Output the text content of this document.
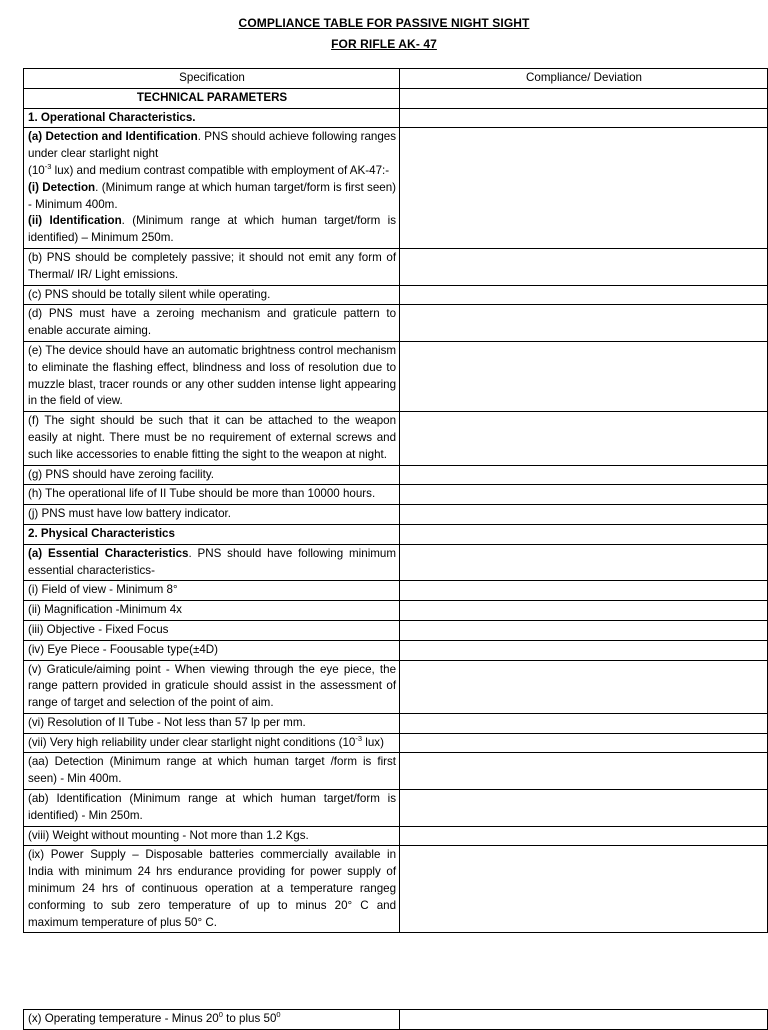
COMPLIANCE TABLE FOR PASSIVE NIGHT SIGHT
FOR RIFLE AK- 47
Specification	Compliance/ Deviation
TECHNICAL PARAMETERS	
1. Operational Characteristics.	
(a) Detection and Identification. PNS should achieve following ranges under clear starlight night
($10^{-3}$ lux) and medium contrast compatible with employment of AK-47:-
(i) Detection. (Minimum range at which human target/form is first seen) - Minimum 400m.
(ii) Identification. (Minimum range at which human target/form is identified) – Minimum 250m.	
(b) PNS should be completely passive; it should not emit any form of Thermal/ IR/ Light emissions.	
(c) PNS should be totally silent while operating.	
(d) PNS must have a zeroing mechanism and graticule pattern to enable accurate aiming.	
(e) The device should have an automatic brightness control mechanism to eliminate the flashing effect, blindness and loss of resolution due to muzzle blast, tracer rounds or any other sudden intense light appearing in the field of view.	
(f) The sight should be such that it can be attached to the weapon easily at night. There must be no requirement of external screws and such like accessories to enable fitting the sight to the weapon at night.	
(g) PNS should have zeroing facility.	
(h) The operational life of II Tube should be more than 10000 hours.	
(j) PNS must have low battery indicator.	
2. Physical Characteristics	
(a) Essential Characteristics. PNS should have following minimum essential characteristics-	
(i) Field of view - Minimum 8°	
(ii) Magnification -Minimum 4x	
(iii) Objective - Fixed Focus	
(iv) Eye Piece - Foousable type(±4D)	
(v) Graticule/aiming point - When viewing through the eye piece, the range pattern provided in graticule should assist in the assessment of range of target and selection of the point of aim.	
(vi) Resolution of II Tube - Not less than 57 lp per mm.	
(vii) Very high reliability under clear starlight night conditions ($10^{-3}$ lux)	
(aa) Detection (Minimum range at which human target /form is first seen) - Min 400m.	
(ab) Identification (Minimum range at which human target/form is identified) - Min 250m.	
(viii) Weight without mounting - Not more than 1.2 Kgs.	
(ix) Power Supply – Disposable batteries commercially available in India with minimum 24 hrs endurance providing for power supply of minimum 24 hrs of continuous operation at a temperature rangeg conforming to sub zero temperature of up to minus 20° C and maximum temperature of plus 50° C.	
(x) Operating temperature - Minus $20^0$ to plus $50^0$	
